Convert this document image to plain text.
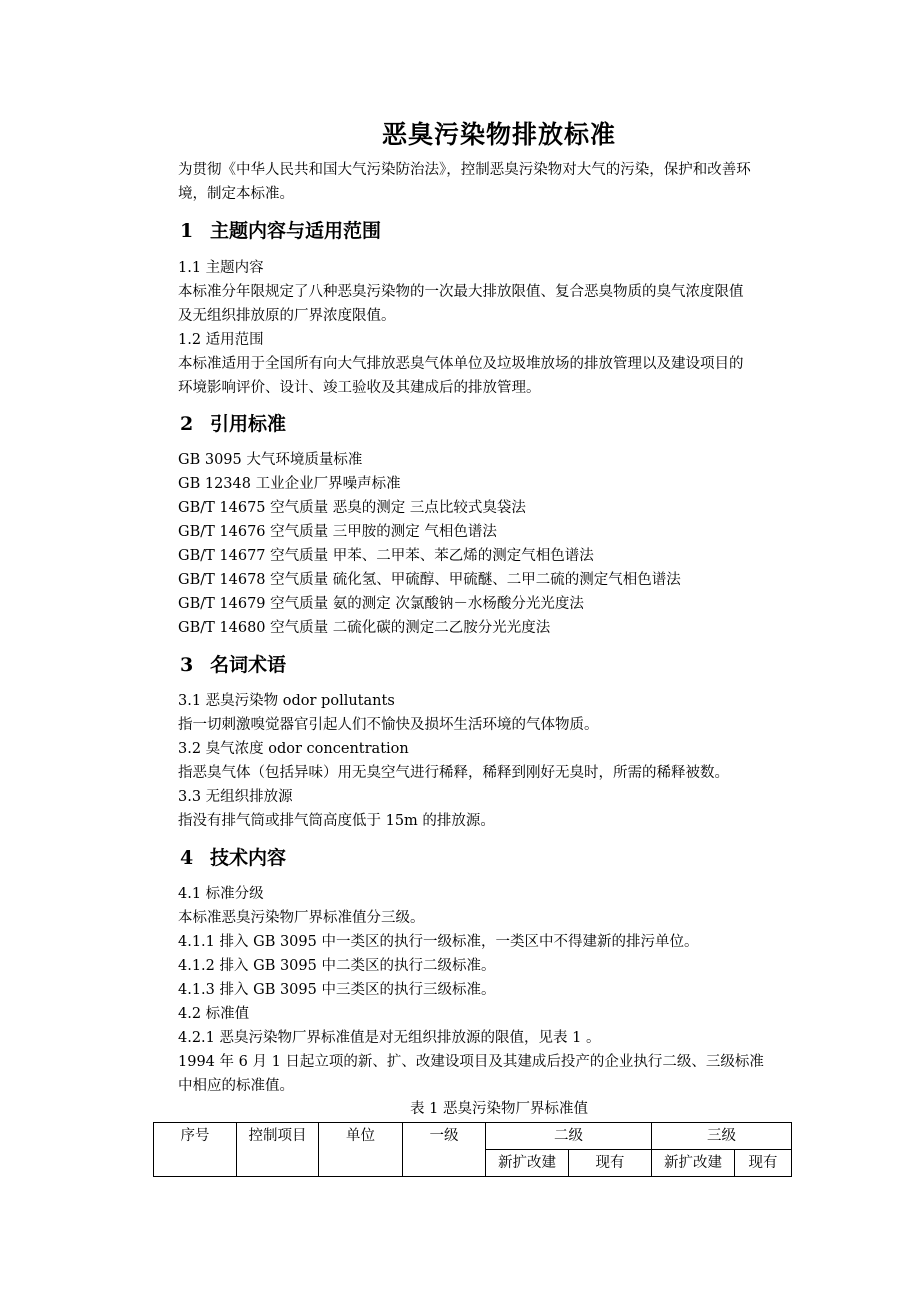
恶臭污染物排放标准
为贯彻《中华人民共和国大气污染防治法》，控制恶臭污染物对大气的污染，保护和改善环
境，制定本标准。
1 主题内容与适用范围
1.1 主题内容
本标准分年限规定了八种恶臭污染物的一次最大排放限值、复合恶臭物质的臭气浓度限值
及无组织排放原的厂界浓度限值。
1.2 适用范围
本标准适用于全国所有向大气排放恶臭气体单位及垃圾堆放场的排放管理以及建设项目的
环境影响评价、设计、竣工验收及其建成后的排放管理。
2 引用标准
GB 3095 大气环境质量标准
GB 12348 工业企业厂界噪声标准
GB/T 14675 空气质量 恶臭的测定 三点比较式臭袋法
GB/T 14676 空气质量 三甲胺的测定 气相色谱法
GB/T 14677 空气质量 甲苯、二甲苯、苯乙烯的测定气相色谱法
GB/T 14678 空气质量 硫化氢、甲硫醇、甲硫醚、二甲二硫的测定气相色谱法
GB/T 14679 空气质量 氨的测定 次氯酸钠－水杨酸分光光度法
GB/T 14680 空气质量 二硫化碳的测定二乙胺分光光度法
3 名词术语
3.1 恶臭污染物 odor pollutants
指一切刺激嗅觉器官引起人们不愉快及损坏生活环境的气体物质。
3.2 臭气浓度 odor concentration
指恶臭气体（包括异味）用无臭空气进行稀释，稀释到刚好无臭时，所需的稀释被数。
3.3 无组织排放源
指没有排气筒或排气筒高度低于 15m 的排放源。
4 技术内容
4.1 标准分级
本标准恶臭污染物厂界标准值分三级。
4.1.1 排入 GB 3095 中一类区的执行一级标准，一类区中不得建新的排污单位。
4.1.2 排入 GB 3095 中二类区的执行二级标准。
4.1.3 排入 GB 3095 中三类区的执行三级标准。
4.2 标准值
4.2.1 恶臭污染物厂界标准值是对无组织排放源的限值，见表 1 。
1994 年 6 月 1 日起立项的新、扩、改建设项目及其建成后投产的企业执行二级、三级标准
中相应的标准值。
表 1 恶臭污染物厂界标准值
序号	控制项目	单位	一级	二级		三级	
				新扩改建	现有	新扩改建	现有
